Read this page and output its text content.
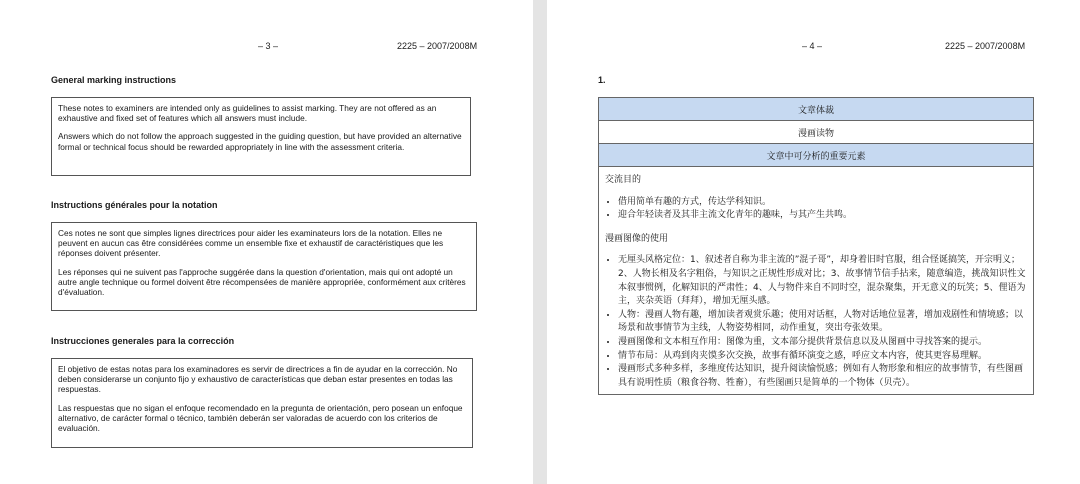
– 3 –	2225 – 2007/2008M
General marking instructions

These notes to examiners are intended only as guidelines to assist marking. They are not offered as an exhaustive and fixed set of features which all answers must include.

Answers which do not follow the approach suggested in the guiding question, but have provided an alternative formal or technical focus should be rewarded appropriately in line with the assessment criteria.

Instructions générales pour la notation

Ces notes ne sont que simples lignes directrices pour aider les examinateurs lors de la notation. Elles ne peuvent en aucun cas être considérées comme un ensemble fixe et exhaustif de caractéristiques que les réponses doivent présenter.

Les réponses qui ne suivent pas l'approche suggérée dans la question d'orientation, mais qui ont adopté un autre angle technique ou formel doivent être récompensées de manière appropriée, conformément aux critères d'évaluation.

Instrucciones generales para la corrección

El objetivo de estas notas para los examinadores es servir de directrices a fin de ayudar en la corrección. No deben considerarse un conjunto fijo y exhaustivo de características que deban estar presentes en todas las respuestas.

Las respuestas que no sigan el enfoque recomendado en la pregunta de orientación, pero posean un enfoque alternativo, de carácter formal o técnico, también deberán ser valoradas de acuerdo con los criterios de evaluación.

– 4 –	2225 – 2007/2008M
1.
文章体裁
漫画读物
文章中可分析的重要元素

交流目的
• 借用简单有趣的方式，传达学科知识。
• 迎合年轻读者及其非主流文化青年的趣味，与其产生共鸣。
漫画图像的使用
• 无厘头风格定位：1、叙述者自称为非主流的”混子哥”，却身着旧时官服，组合怪诞搞笑，开宗明义；2、人物长相及名字粗俗，与知识之正规性形成对比；3、故事情节信手拈来，随意编造，挑战知识性文本叙事惯例，化解知识的严肃性；4、人与物件来自不同时空，混杂聚集，开无意义的玩笑；5、俚语为主，夹杂英语（拜拜），增加无厘头感。
• 人物：漫画人物有趣，增加读者观赏乐趣；使用对话框，人物对话地位显著，增加戏剧性和情境感；以场景和故事情节为主线，人物姿势相同，动作重复，突出夸张效果。
• 漫画图像和文本相互作用：图像为重，文本部分提供背景信息以及从图画中寻找答案的提示。
• 情节布局：从鸡到肉夹馍多次交换，故事有循环演变之感，呼应文本内容，使其更容易理解。
• 漫画形式多种多样，多维度传达知识，提升阅读愉悦感；例如有人物形象和相应的故事情节，有些图画具有说明性质（粮食谷物、牲畜），有些图画只是简单的一个物体（贝壳）。
